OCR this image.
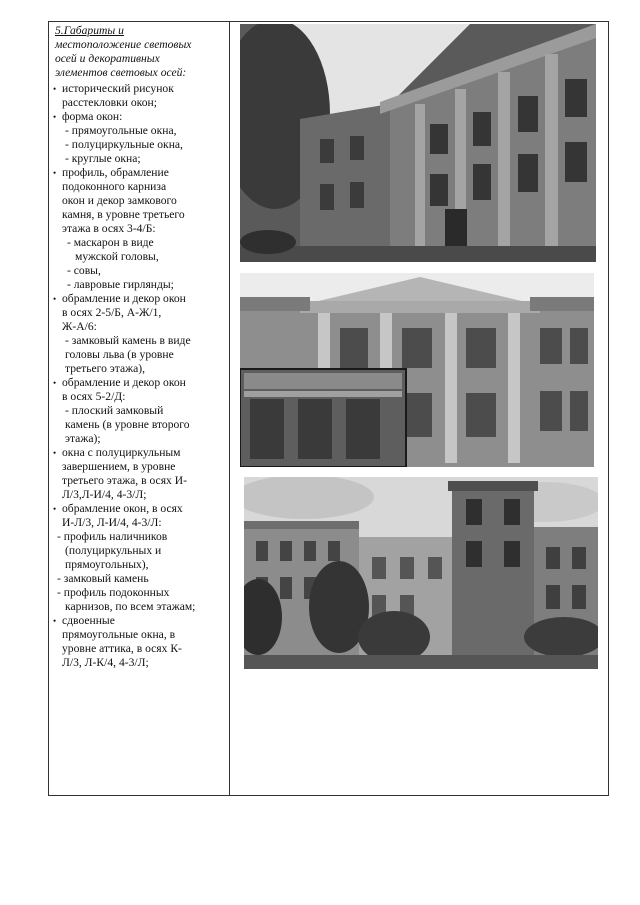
5.Габариты и
местоположение световых
осей и декоративных
элементов световых осей:
• исторический рисунок
расстекловки окон;
• форма окон:
- прямоугольные окна,
- полуциркульные окна,
- круглые окна;
• профиль, обрамление
подоконного карниза
окон и декор замкового
камня, в уровне третьего
этажа в осях 3-4/Б:
- маскарон в виде
мужской головы,
- совы,
- лавровые гирлянды;
• обрамление и декор окон
в осях 2-5/Б, А-Ж/1,
Ж-А/6:
- замковый камень в виде
головы льва (в уровне
третьего этажа),
• обрамление и декор окон
в осях 5-2/Д:
- плоский замковый
камень (в уровне второго
этажа);
• окна с полуциркульным
завершением, в уровне
третьего этажа, в осях И-
Л/3,Л-И/4, 4-3/Л;
• обрамление окон, в осях
И-Л/3, Л-И/4, 4-3/Л:
- профиль наличников
(полуциркульных и
прямоугольных),
- замковый камень
- профиль подоконных
карнизов, по всем этажам;
• сдвоенные
прямоугольные окна, в
уровне аттика, в осях К-
Л/3, Л-К/4, 4-3/Л;
